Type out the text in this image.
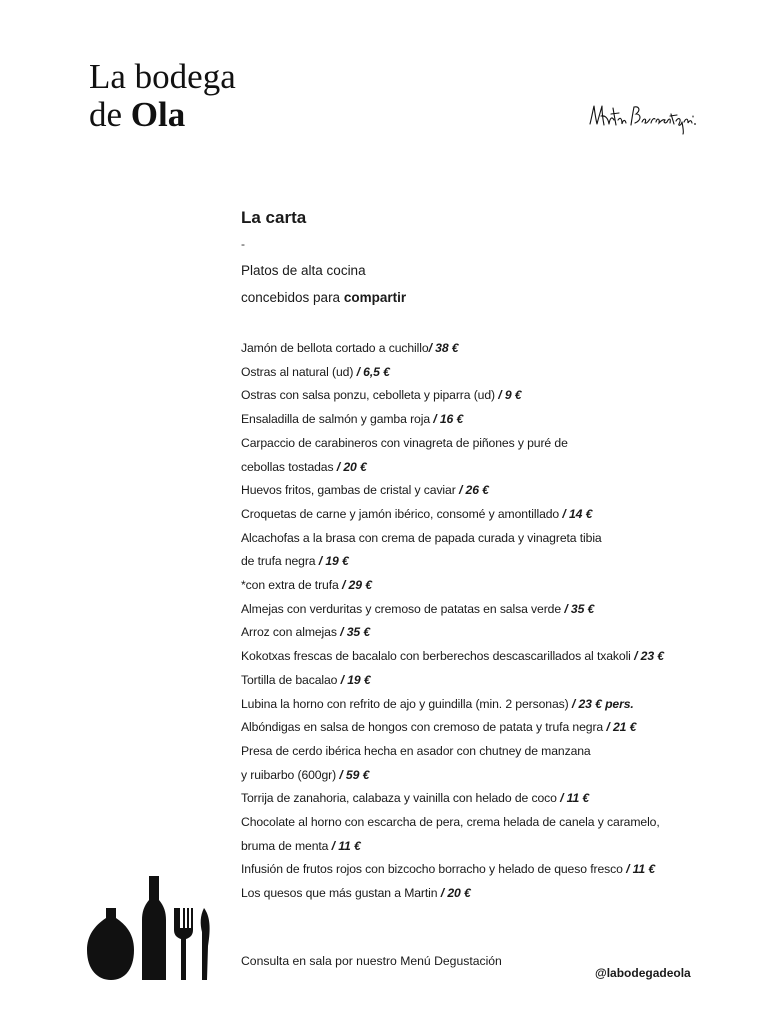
La bodega
de Ola
La carta
-
Platos de alta cocina
concebidos para compartir
Jamón de bellota cortado a cuchillo/ 38 €
Ostras al natural (ud) / 6,5 €
Ostras con salsa ponzu, cebolleta y piparra (ud) / 9 €
Ensaladilla de salmón y gamba roja / 16 €
Carpaccio de carabineros con vinagreta de piñones y puré de
cebollas tostadas / 20 €
Huevos fritos, gambas de cristal y caviar / 26 €
Croquetas de carne y jamón ibérico, consomé y amontillado / 14 €
Alcachofas a la brasa con crema de papada curada y vinagreta tibia
de trufa negra / 19 €
*con extra de trufa / 29 €
Almejas con verduritas y cremoso de patatas en salsa verde / 35 €
Arroz con almejas / 35 €
Kokotxas frescas de bacalalo con berberechos descascarillados al txakoli / 23 €
Tortilla de bacalao / 19 €
Lubina la horno con refrito de ajo y guindilla (min. 2 personas) / 23 € pers.
Albóndigas en salsa de hongos con cremoso de patata y trufa negra / 21 €
Presa de cerdo ibérica hecha en asador con chutney de manzana
y ruibarbo (600gr) / 59 €
Torrija de zanahoria, calabaza y vainilla con helado de coco / 11 €
Chocolate al horno con escarcha de pera, crema helada de canela y caramelo,
bruma de menta / 11 €
Infusión de frutos rojos con bizcocho borracho y helado de queso fresco / 11 €
Los quesos que más gustan a Martin / 20 €
Consulta en sala por nuestro Menú Degustación
@labodegadeola
